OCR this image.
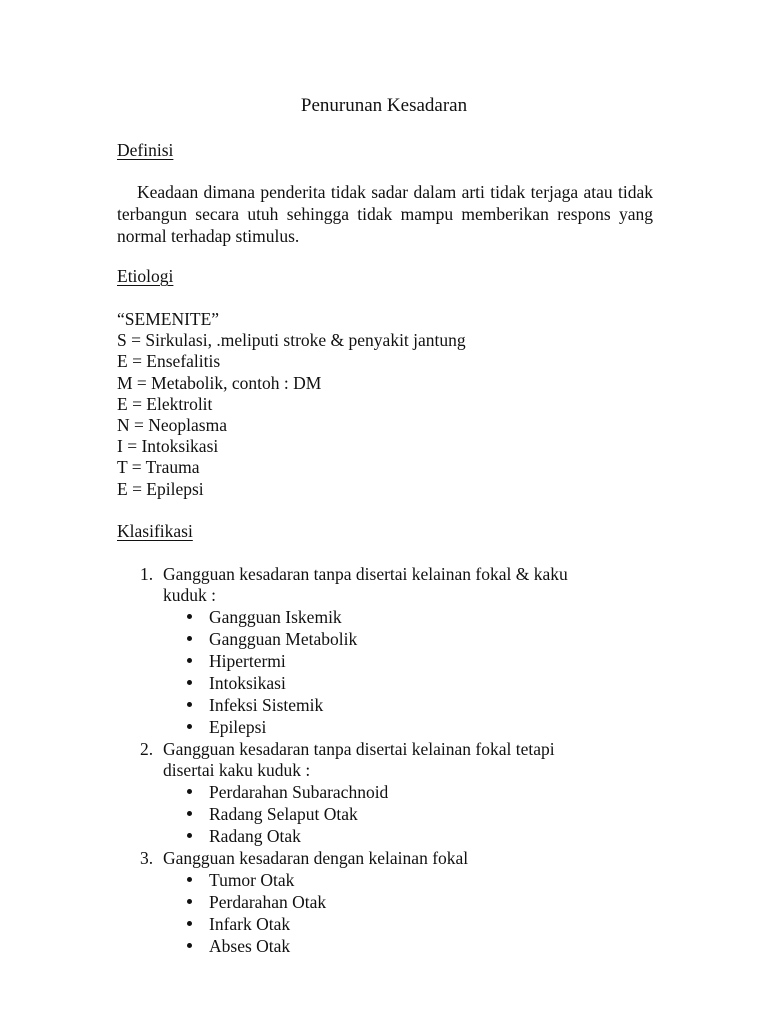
Penurunan Kesadaran
Definisi
Keadaan dimana penderita tidak sadar dalam arti tidak terjaga atau tidak terbangun secara utuh sehingga tidak mampu memberikan respons yang normal terhadap stimulus.
Etiologi
“SEMENITE”
S = Sirkulasi, .meliputi stroke & penyakit jantung
E = Ensefalitis
M = Metabolik, contoh : DM
E = Elektrolit
N = Neoplasma
I = Intoksikasi
T = Trauma
E = Epilepsi
Klasifikasi
1. Gangguan kesadaran tanpa disertai kelainan fokal & kaku
kuduk :
Gangguan Iskemik
Gangguan Metabolik
Hipertermi
Intoksikasi
Infeksi Sistemik
Epilepsi
2. Gangguan kesadaran tanpa disertai kelainan fokal tetapi
disertai kaku kuduk :
Perdarahan Subarachnoid
Radang Selaput Otak
Radang Otak
3. Gangguan kesadaran dengan kelainan fokal
Tumor Otak
Perdarahan Otak
Infark Otak
Abses Otak
